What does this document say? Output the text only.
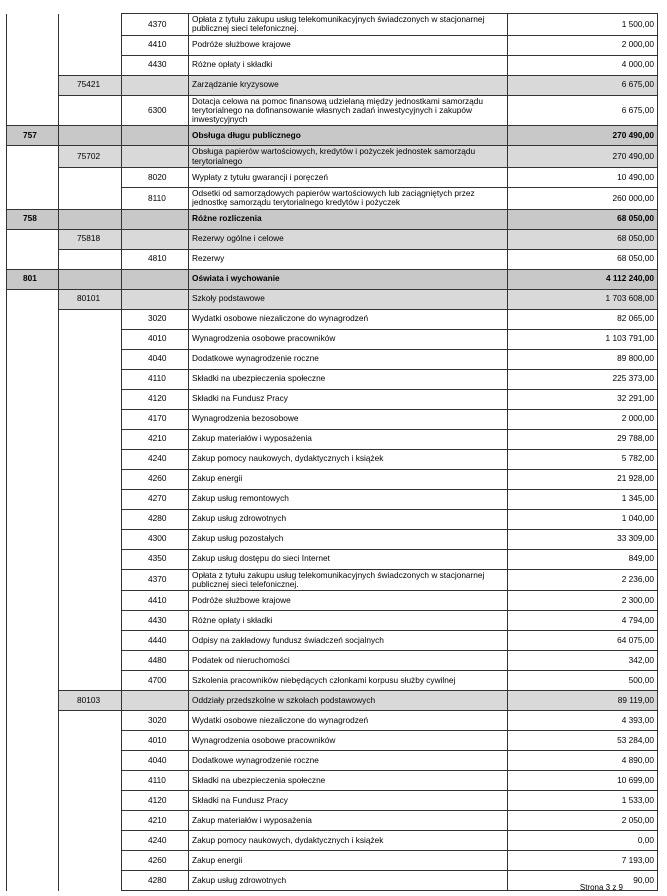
		4370	Opłata z tytułu zakupu usług telekomunikacyjnych świadczonych w stacjonarnej publicznej sieci telefonicznej.	1 500,00
		4410	Podróże służbowe krajowe	2 000,00
		4430	Różne opłaty i składki	4 000,00
	75421		Zarządzanie kryzysowe	6 675,00
		6300	Dotacja celowa na pomoc finansową udzielaną między jednostkami samorządu terytorialnego na dofinansowanie własnych zadań inwestycyjnych i zakupów inwestycyjnych	6 675,00
757			Obsługa długu publicznego	270 490,00
	75702		Obsługa papierów wartościowych, kredytów i pożyczek jednostek samorządu terytorialnego	270 490,00
		8020	Wypłaty z tytułu gwarancji i poręczeń	10 490,00
		8110	Odsetki od samorządowych papierów wartościowych lub zaciągniętych przez jednostkę samorządu terytorialnego kredytów i pożyczek	260 000,00
758			Różne rozliczenia	68 050,00
	75818		Rezerwy ogólne i celowe	68 050,00
		4810	Rezerwy	68 050,00
801			Oświata i wychowanie	4 112 240,00
	80101		Szkoły podstawowe	1 703 608,00
		3020	Wydatki osobowe niezaliczone do wynagrodzeń	82 065,00
		4010	Wynagrodzenia osobowe pracowników	1 103 791,00
		4040	Dodatkowe wynagrodzenie roczne	89 800,00
		4110	Składki na ubezpieczenia społeczne	225 373,00
		4120	Składki na Fundusz Pracy	32 291,00
		4170	Wynagrodzenia bezosobowe	2 000,00
		4210	Zakup materiałów i wyposażenia	29 788,00
		4240	Zakup pomocy naukowych, dydaktycznych i książek	5 782,00
		4260	Zakup energii	21 928,00
		4270	Zakup usług remontowych	1 345,00
		4280	Zakup usług zdrowotnych	1 040,00
		4300	Zakup usług pozostałych	33 309,00
		4350	Zakup usług dostępu do sieci Internet	849,00
		4370	Opłata z tytułu zakupu usług telekomunikacyjnych świadczonych w stacjonarnej publicznej sieci telefonicznej.	2 236,00
		4410	Podróże służbowe krajowe	2 300,00
		4430	Różne opłaty i składki	4 794,00
		4440	Odpisy na zakładowy fundusz świadczeń socjalnych	64 075,00
		4480	Podatek od nieruchomości	342,00
		4700	Szkolenia pracowników niebędących członkami korpusu służby cywilnej	500,00
	80103		Oddziały przedszkolne w szkołach podstawowych	89 119,00
		3020	Wydatki osobowe niezaliczone do wynagrodzeń	4 393,00
		4010	Wynagrodzenia osobowe pracowników	53 284,00
		4040	Dodatkowe wynagrodzenie roczne	4 890,00
		4110	Składki na ubezpieczenia społeczne	10 699,00
		4120	Składki na Fundusz Pracy	1 533,00
		4210	Zakup materiałów i wyposażenia	2 050,00
		4240	Zakup pomocy naukowych, dydaktycznych i książek	0,00
		4260	Zakup energii	7 193,00
		4280	Zakup usług zdrowotnych	90,00
Strona 3 z 9
